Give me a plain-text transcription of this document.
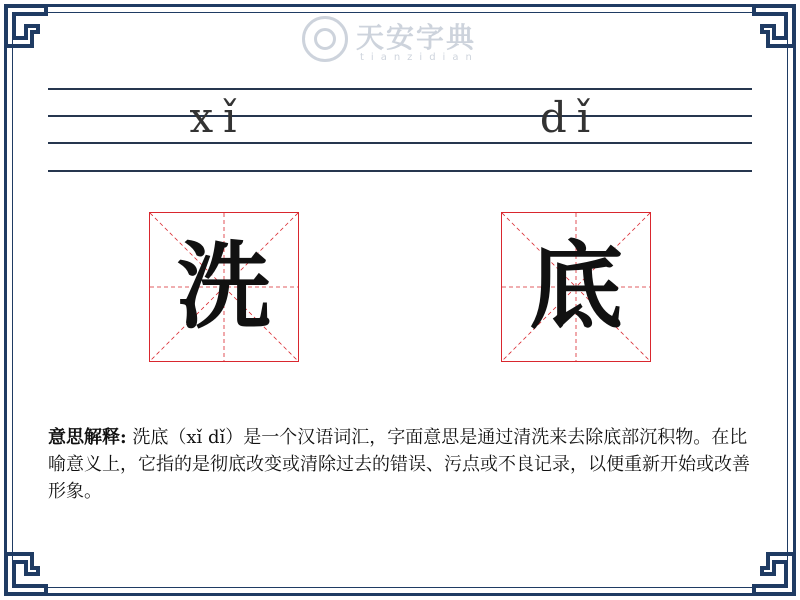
天安字典
tianzidian
xǐ	dǐ
洗	底
意思解释: 洗底（xǐ dǐ）是一个汉语词汇，字面意思是通过清洗来去除底部沉积物。在比喻意义上，它指的是彻底改变或清除过去的错误、污点或不良记录，以便重新开始或改善形象。
